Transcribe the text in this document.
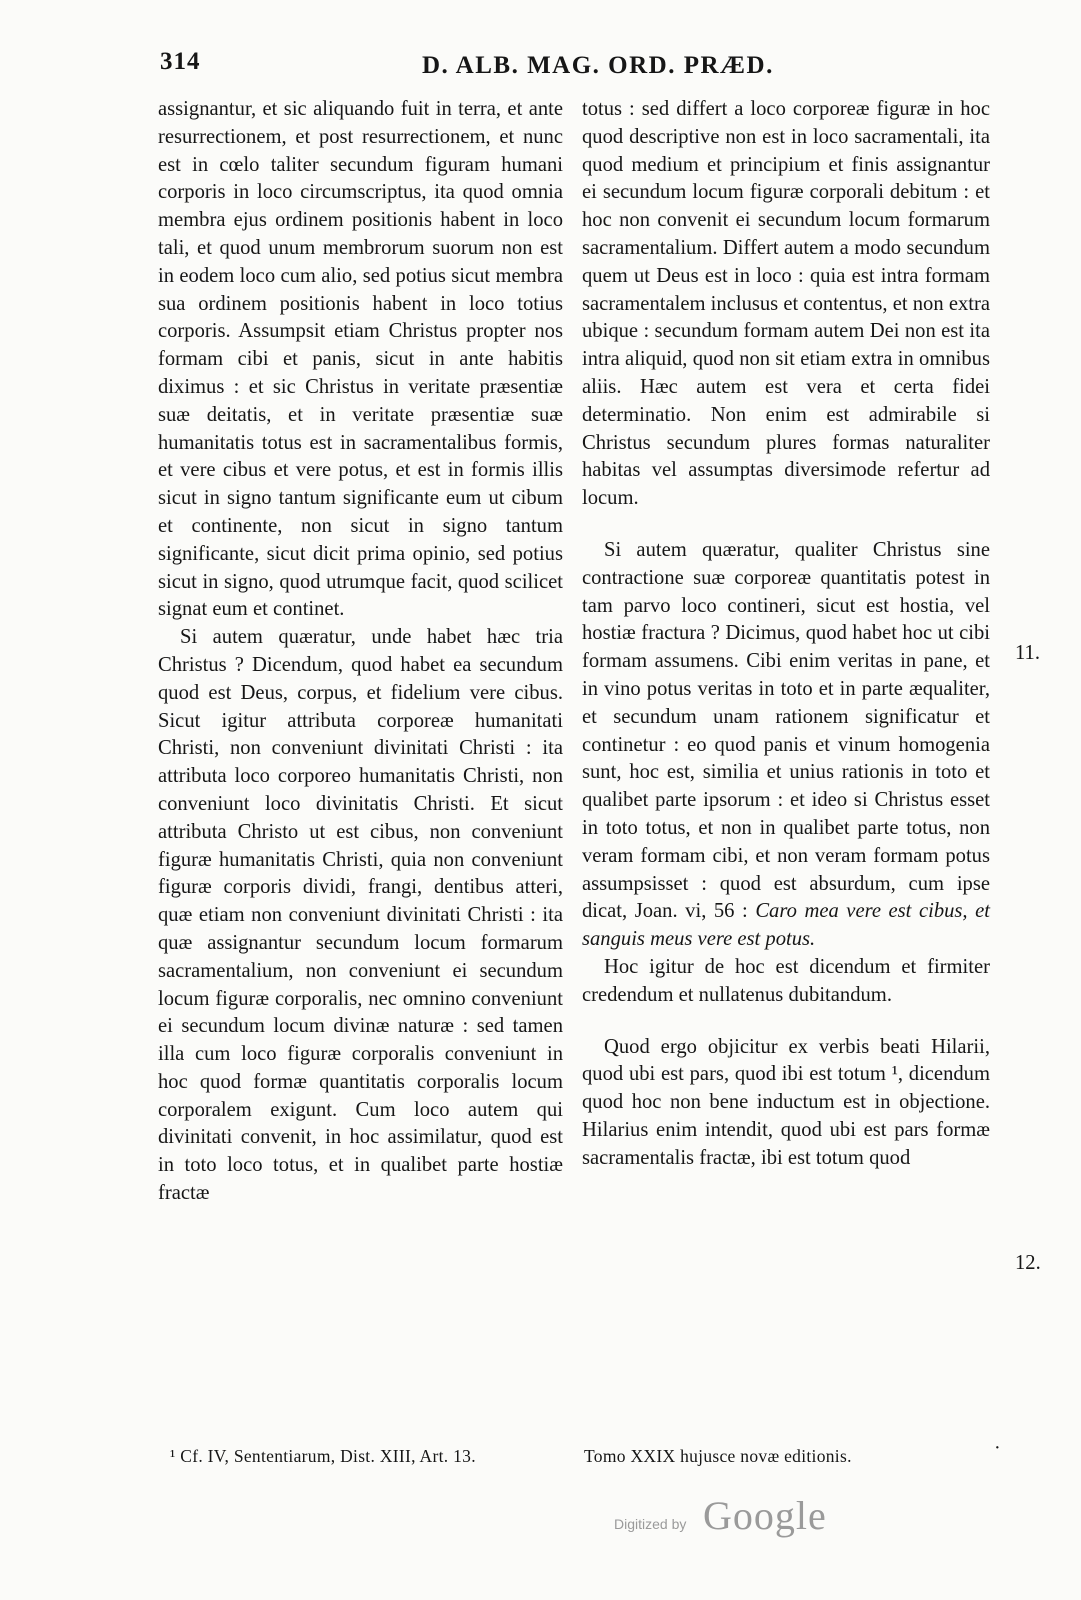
314	D. ALB. MAG. ORD. PRÆD.

assignantur, et sic aliquando fuit in terra, et ante resurrectionem, et post resurrectionem, et nunc est in cœlo taliter secundum figuram humani corporis in loco circumscriptus, ita quod omnia membra ejus ordinem positionis habent in loco tali, et quod unum membrorum suorum non est in eodem loco cum alio, sed potius sicut membra sua ordinem positionis habent in loco totius corporis. Assumpsit etiam Christus propter nos formam cibi et panis, sicut in ante habitis diximus : et sic Christus in veritate præsentiæ suæ deitatis, et in veritate præsentiæ suæ humanitatis totus est in sacramentalibus formis, et vere cibus et vere potus, et est in formis illis sicut in signo tantum significante eum ut cibum et continente, non sicut in signo tantum significante, sicut dicit prima opinio, sed potius sicut in signo, quod utrumque facit, quod scilicet signat eum et continet.

Si autem quæratur, unde habet hæc tria Christus ? Dicendum, quod habet ea secundum quod est Deus, corpus, et fidelium vere cibus. Sicut igitur attributa corporeæ humanitati Christi, non conveniunt divinitati Christi : ita attributa loco corporeo humanitatis Christi, non conveniunt loco divinitatis Christi. Et sicut attributa Christo ut est cibus, non conveniunt figuræ humanitatis Christi, quia non conveniunt figuræ corporis dividi, frangi, dentibus atteri, quæ etiam non conveniunt divinitati Christi : ita quæ assignantur secundum locum formarum sacramentalium, non conveniunt ei secundum locum figuræ corporalis, nec omnino conveniunt ei secundum locum divinæ naturæ : sed tamen illa cum loco figuræ corporalis conveniunt in hoc quod formæ quantitatis corporalis locum corporalem exigunt. Cum loco autem qui divinitati convenit, in hoc assimilatur, quod est in toto loco totus, et in qualibet parte hostiæ fractæ

totus : sed differt a loco corporeæ figuræ in hoc quod descriptive non est in loco sacramentali, ita quod medium et principium et finis assignantur ei secundum locum figuræ corporali debitum : et hoc non convenit ei secundum locum formarum sacramentalium. Differt autem a modo secundum quem ut Deus est in loco : quia est intra formam sacramentalem inclusus et contentus, et non extra ubique : secundum formam autem Dei non est ita intra aliquid, quod non sit etiam extra in omnibus aliis. Hæc autem est vera et certa fidei determinatio. Non enim est admirabile si Christus secundum plures formas naturaliter habitas vel assumptas diversimode refertur ad locum.

Si autem quæratur, qualiter Christus sine contractione suæ corporeæ quantitatis potest in tam parvo loco contineri, sicut est hostia, vel hostiæ fractura ? Dicimus, quod habet hoc ut cibi formam assumens. Cibi enim veritas in pane, et in vino potus veritas in toto et in parte æqualiter, et secundum unam rationem significatur et continetur : eo quod panis et vinum homogenia sunt, hoc est, similia et unius rationis in toto et qualibet parte ipsorum : et ideo si Christus esset in toto totus, et non in qualibet parte totus, non veram formam cibi, et non veram formam potus assumpsisset : quod est absurdum, cum ipse dicat, Joan. vi, 56 : Caro mea vere est cibus, et sanguis meus vere est potus.

Hoc igitur de hoc est dicendum et firmiter credendum et nullatenus dubitandum.

Quod ergo objicitur ex verbis beati Hilarii, quod ubi est pars, quod ibi est totum ¹, dicendum quod hoc non bene inductum est in objectione. Hilarius enim intendit, quod ubi est pars formæ sacramentalis fractæ, ibi est totum quod

11.
12.
¹ Cf. IV, Sententiarum, Dist. XIII, Art. 13.	Tomo XXIX hujusce novæ editionis.	·
Digitized by Google
